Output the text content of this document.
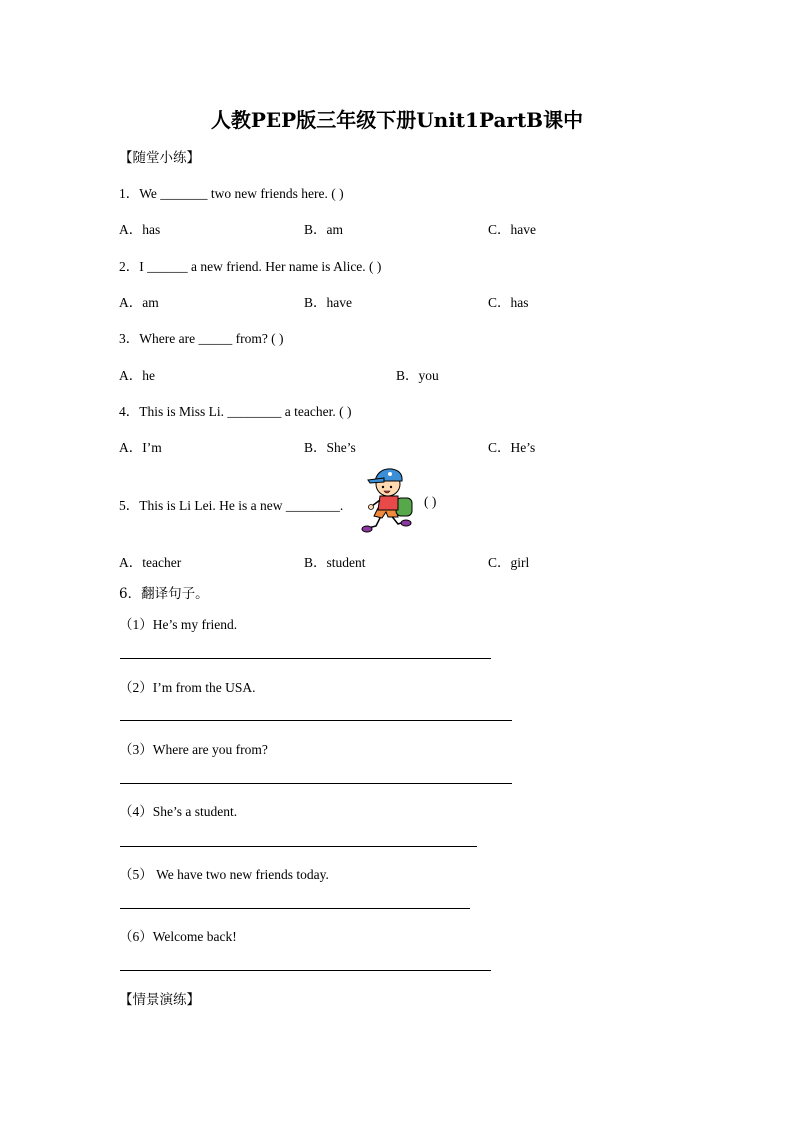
人教PEP版三年级下册Unit1PartB课中
【随堂小练】
1．We _______ two new friends here. ( )
A．has	B．am	C．have
2．I ______ a new friend. Her name is Alice. ( )
A．am	B．have	C．has
3．Where are _____ from? ( )
A．he	B．you
4．This is Miss Li. ________ a teacher. ( )
A．I’m	B．She’s	C．He’s
5．This is Li Lei. He is a new ________.	( )
A．teacher	B．student	C．girl
6．翻译句子。
（1）He’s my friend.
（2）I’m from the USA.
（3）Where are you from?
（4）She’s a student.
（5） We have two new friends today.
（6）Welcome back!
【情景演练】
